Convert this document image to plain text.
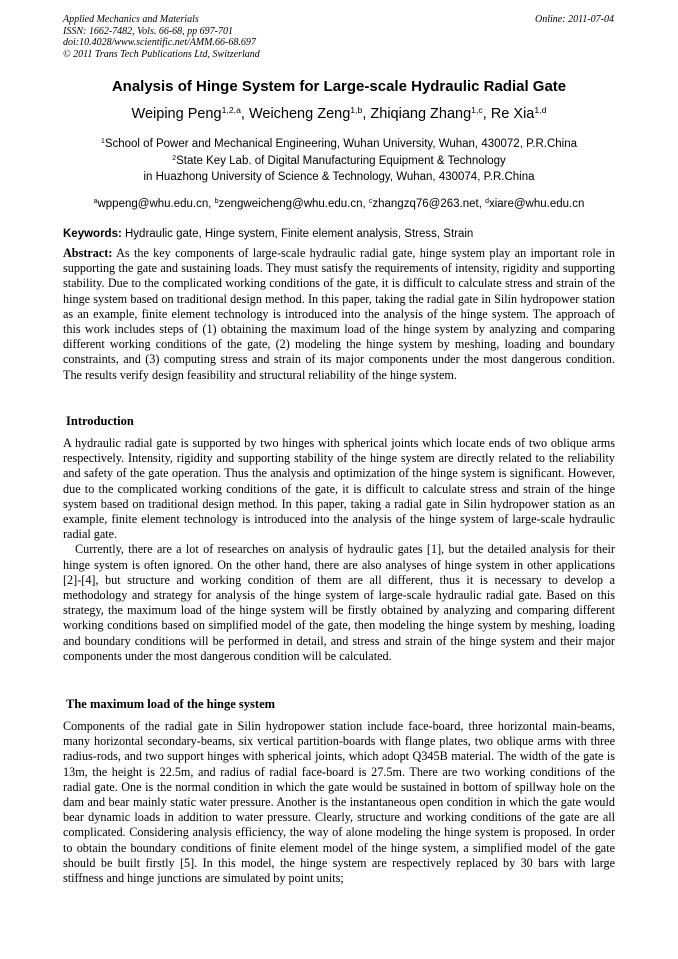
Applied Mechanics and Materials
ISSN: 1662-7482, Vols. 66-68, pp 697-701
doi:10.4028/www.scientific.net/AMM.66-68.697
© 2011 Trans Tech Publications Ltd, Switzerland
Online: 2011-07-04
Analysis of Hinge System for Large-scale Hydraulic Radial Gate
Weiping Peng$^{1,2,a}$, Weicheng Zeng$^{1,b}$, Zhiqiang Zhang$^{1,c}$, Re Xia$^{1,d}$
$^1$School of Power and Mechanical Engineering, Wuhan University, Wuhan, 430072, P.R.China
$^2$State Key Lab. of Digital Manufacturing Equipment & Technology
in Huazhong University of Science & Technology, Wuhan, 430074, P.R.China
$^a$wppeng@whu.edu.cn, $^b$zengweicheng@whu.edu.cn, $^c$zhangzq76@263.net, $^d$xiare@whu.edu.cn
Keywords: Hydraulic gate, Hinge system, Finite element analysis, Stress, Strain
Abstract: As the key components of large-scale hydraulic radial gate, hinge system play an important role in supporting the gate and sustaining loads. They must satisfy the requirements of intensity, rigidity and supporting stability. Due to the complicated working conditions of the gate, it is difficult to calculate stress and strain of the hinge system based on traditional design method. In this paper, taking the radial gate in Silin hydropower station as an example, finite element technology is introduced into the analysis of the hinge system. The approach of this work includes steps of (1) obtaining the maximum load of the hinge system by analyzing and comparing different working conditions of the gate, (2) modeling the hinge system by meshing, loading and boundary constraints, and (3) computing stress and strain of its major components under the most dangerous condition. The results verify design feasibility and structural reliability of the hinge system.
Introduction

A hydraulic radial gate is supported by two hinges with spherical joints which locate ends of two oblique arms respectively. Intensity, rigidity and supporting stability of the hinge system are directly related to the reliability and safety of the gate operation. Thus the analysis and optimization of the hinge system is significant. However, due to the complicated working conditions of the gate, it is difficult to calculate stress and strain of the hinge system based on traditional design method. In this paper, taking a radial gate in Silin hydropower station as an example, finite element technology is introduced into the analysis of the hinge system of large-scale hydraulic radial gate.

Currently, there are a lot of researches on analysis of hydraulic gates [1], but the detailed analysis for their hinge system is often ignored. On the other hand, there are also analyses of hinge system in other applications [2]-[4], but structure and working condition of them are all different, thus it is necessary to develop a methodology and strategy for analysis of the hinge system of large-scale hydraulic radial gate. Based on this strategy, the maximum load of the hinge system will be firstly obtained by analyzing and comparing different working conditions based on simplified model of the gate, then modeling the hinge system by meshing, loading and boundary conditions will be performed in detail, and stress and strain of the hinge system and their major components under the most dangerous condition will be calculated.

The maximum load of the hinge system

Components of the radial gate in Silin hydropower station include face-board, three horizontal main-beams, many horizontal secondary-beams, six vertical partition-boards with flange plates, two oblique arms with three radius-rods, and two support hinges with spherical joints, which adopt Q345B material. The width of the gate is 13m, the height is 22.5m, and radius of radial face-board is 27.5m. There are two working conditions of the radial gate. One is the normal condition in which the gate would be sustained in bottom of spillway hole on the dam and bear mainly static water pressure. Another is the instantaneous open condition in which the gate would bear dynamic loads in addition to water pressure. Clearly, structure and working conditions of the gate are all complicated. Considering analysis efficiency, the way of alone modeling the hinge system is proposed. In order to obtain the boundary conditions of finite element model of the hinge system, a simplified model of the gate should be built firstly [5]. In this model, the hinge system are respectively replaced by 30 bars with large stiffness and hinge junctions are simulated by point units;
